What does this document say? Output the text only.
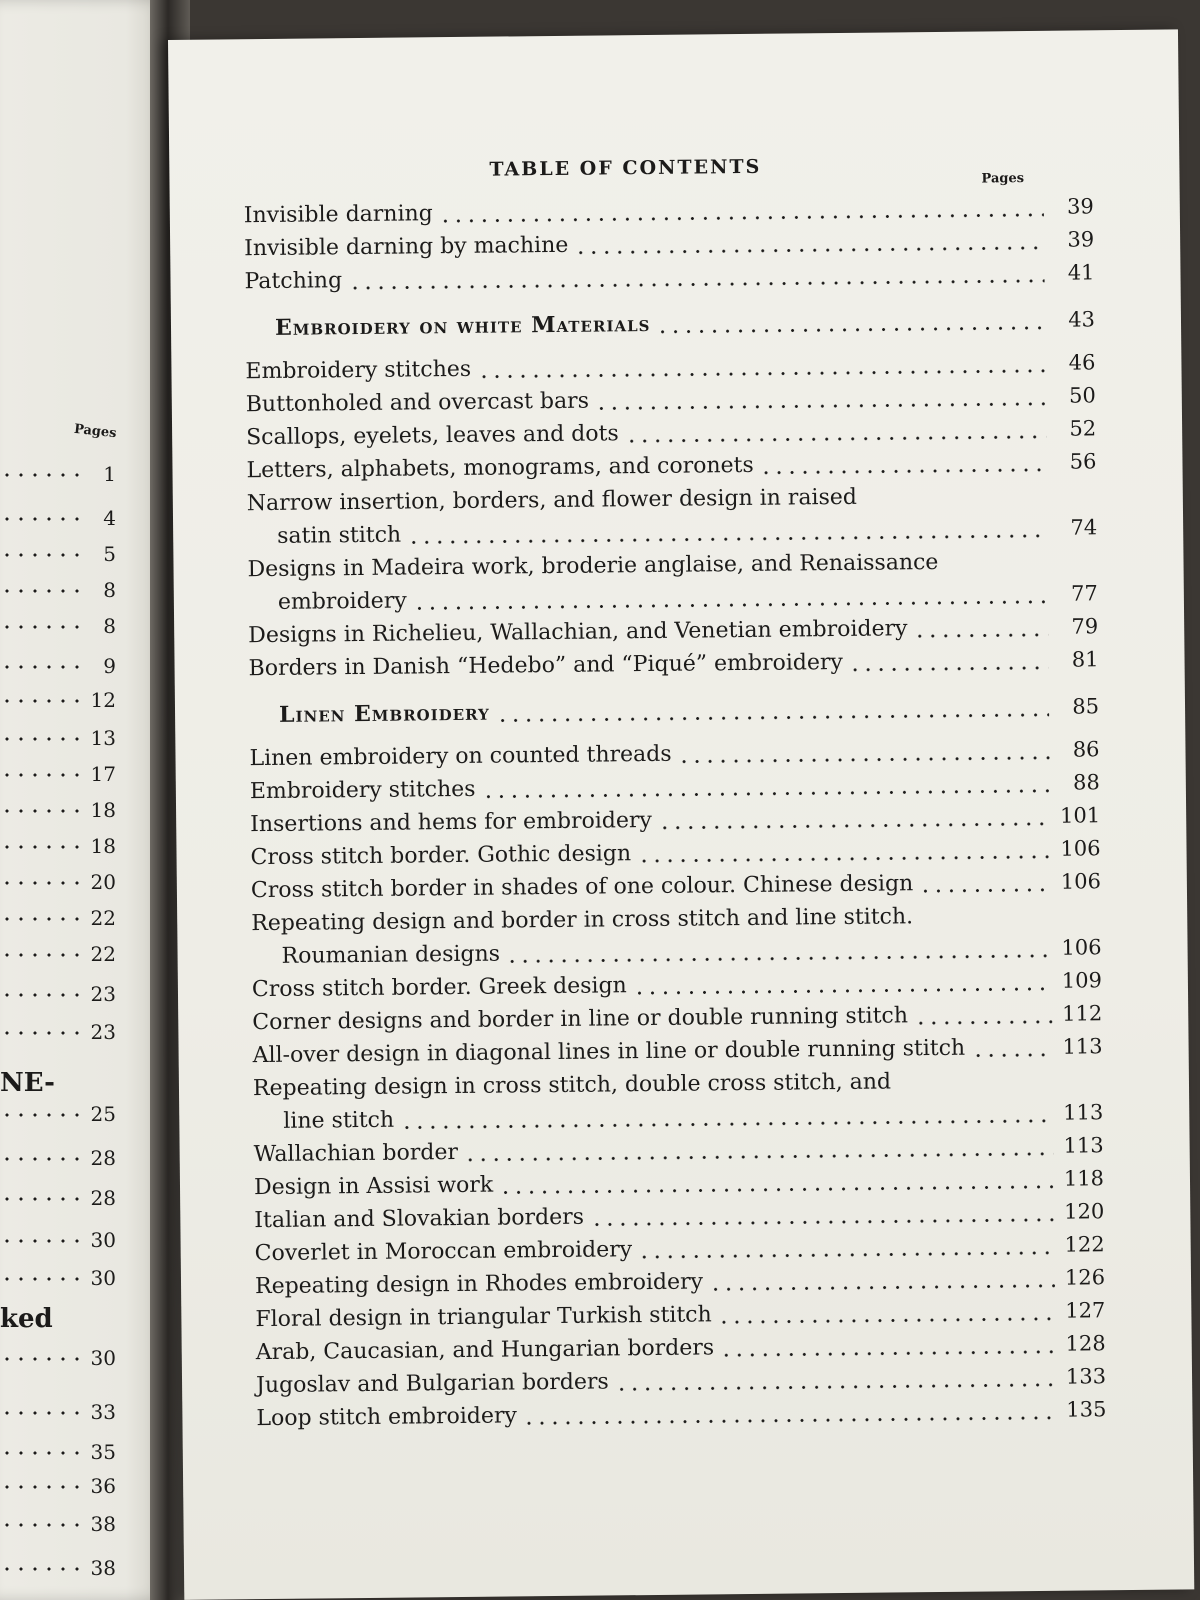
Pages
1
4
5
8
8
9
12
13
17
18
18
20
22
22
23
23
NE-
25
28
28
30
30
ked
30
33
35
36
38
38
TABLE OF CONTENTS	Pages
Invisible darning	39
Invisible darning by machine	39
Patching	41
Embroidery on white Materials	43
Embroidery stitches	46
Buttonholed and overcast bars	50
Scallops, eyelets, leaves and dots	52
Letters, alphabets, monograms, and coronets	56
Narrow insertion, borders, and flower design in raised
satin stitch	74
Designs in Madeira work, broderie anglaise, and Renaissance
embroidery	77
Designs in Richelieu, Wallachian, and Venetian embroidery	79
Borders in Danish “Hedebo” and “Piqué” embroidery	81
Linen Embroidery	85
Linen embroidery on counted threads	86
Embroidery stitches	88
Insertions and hems for embroidery	101
Cross stitch border. Gothic design	106
Cross stitch border in shades of one colour. Chinese design	106
Repeating design and border in cross stitch and line stitch.
Roumanian designs	106
Cross stitch border. Greek design	109
Corner designs and border in line or double running stitch	112
All-over design in diagonal lines in line or double running stitch	113
Repeating design in cross stitch, double cross stitch, and
line stitch	113
Wallachian border	113
Design in Assisi work	118
Italian and Slovakian borders	120
Coverlet in Moroccan embroidery	122
Repeating design in Rhodes embroidery	126
Floral design in triangular Turkish stitch	127
Arab, Caucasian, and Hungarian borders	128
Jugoslav and Bulgarian borders	133
Loop stitch embroidery	135
